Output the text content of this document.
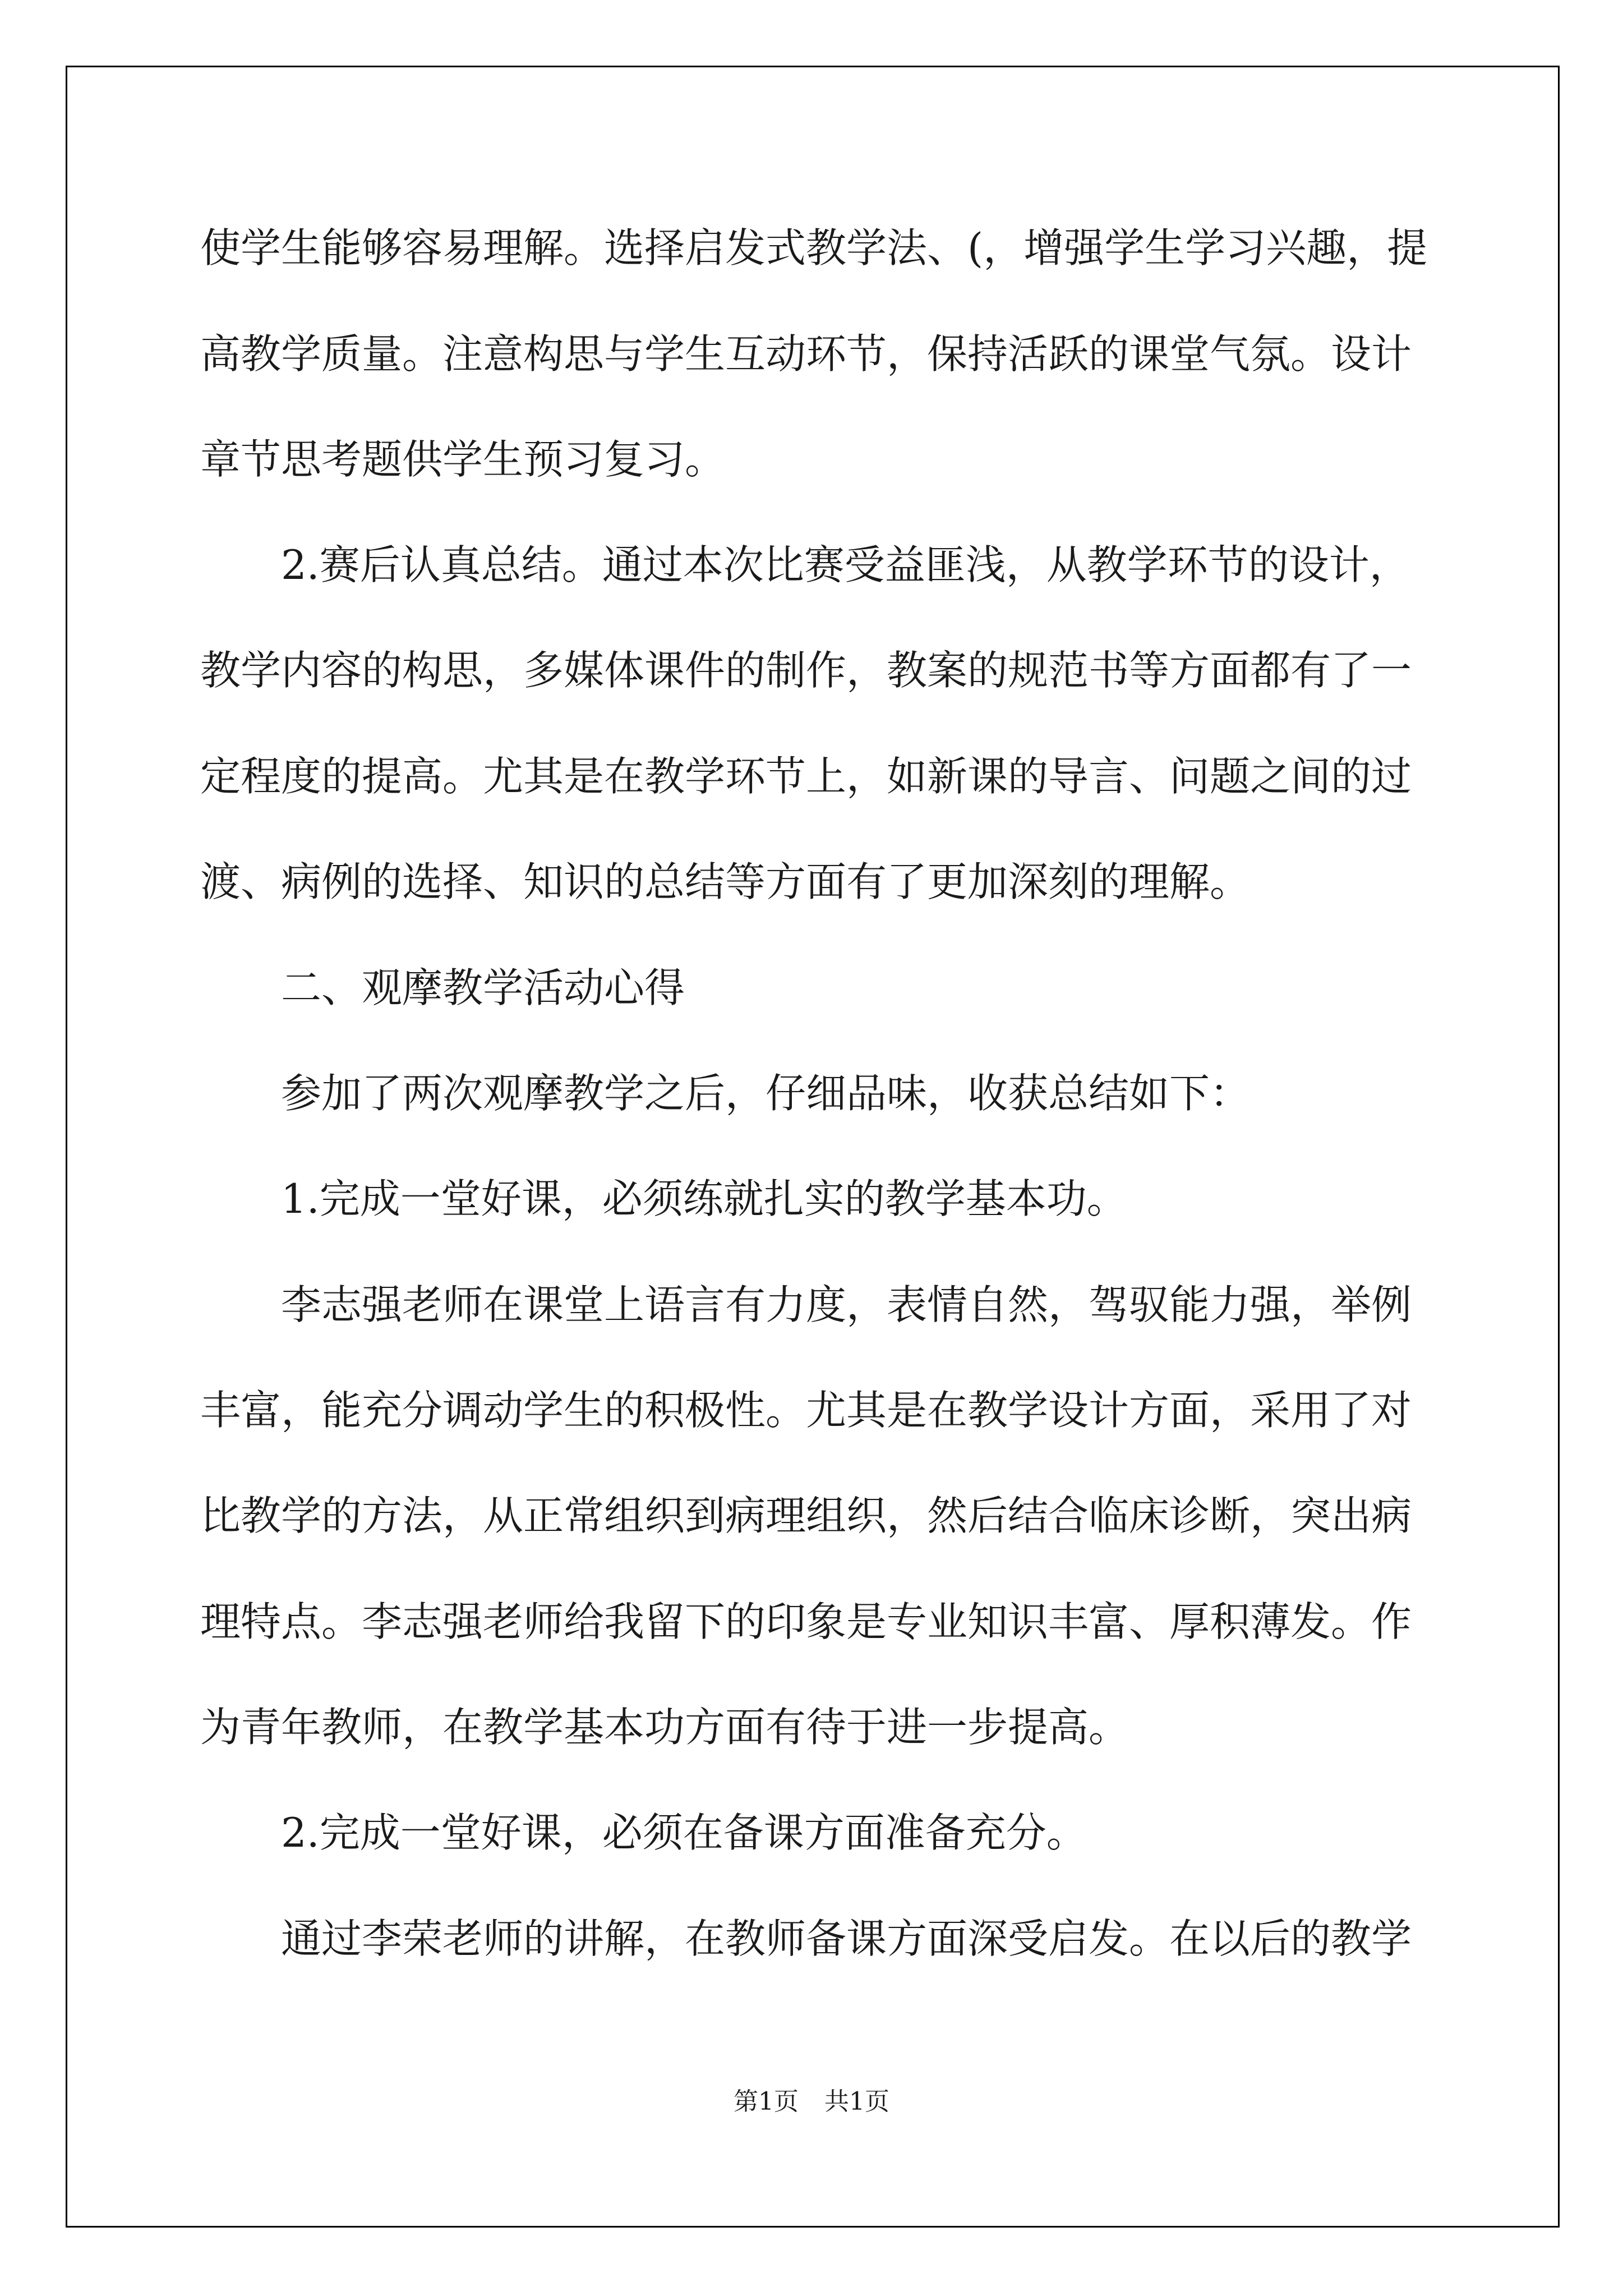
使学生能够容易理解。选择启发式教学法、(，增强学生学习兴趣，提
高教学质量。注意构思与学生互动环节，保持活跃的课堂气氛。设计
章节思考题供学生预习复习。
2.赛后认真总结。通过本次比赛受益匪浅，从教学环节的设计，
教学内容的构思，多媒体课件的制作，教案的规范书等方面都有了一
定程度的提高。尤其是在教学环节上，如新课的导言、问题之间的过
渡、病例的选择、知识的总结等方面有了更加深刻的理解。
二、观摩教学活动心得
参加了两次观摩教学之后，仔细品味，收获总结如下：
1.完成一堂好课，必须练就扎实的教学基本功。
李志强老师在课堂上语言有力度，表情自然，驾驭能力强，举例
丰富，能充分调动学生的积极性。尤其是在教学设计方面，采用了对
比教学的方法，从正常组织到病理组织，然后结合临床诊断，突出病
理特点。李志强老师给我留下的印象是专业知识丰富、厚积薄发。作
为青年教师，在教学基本功方面有待于进一步提高。
2.完成一堂好课，必须在备课方面准备充分。
通过李荣老师的讲解，在教师备课方面深受启发。在以后的教学
第1页 共1页
